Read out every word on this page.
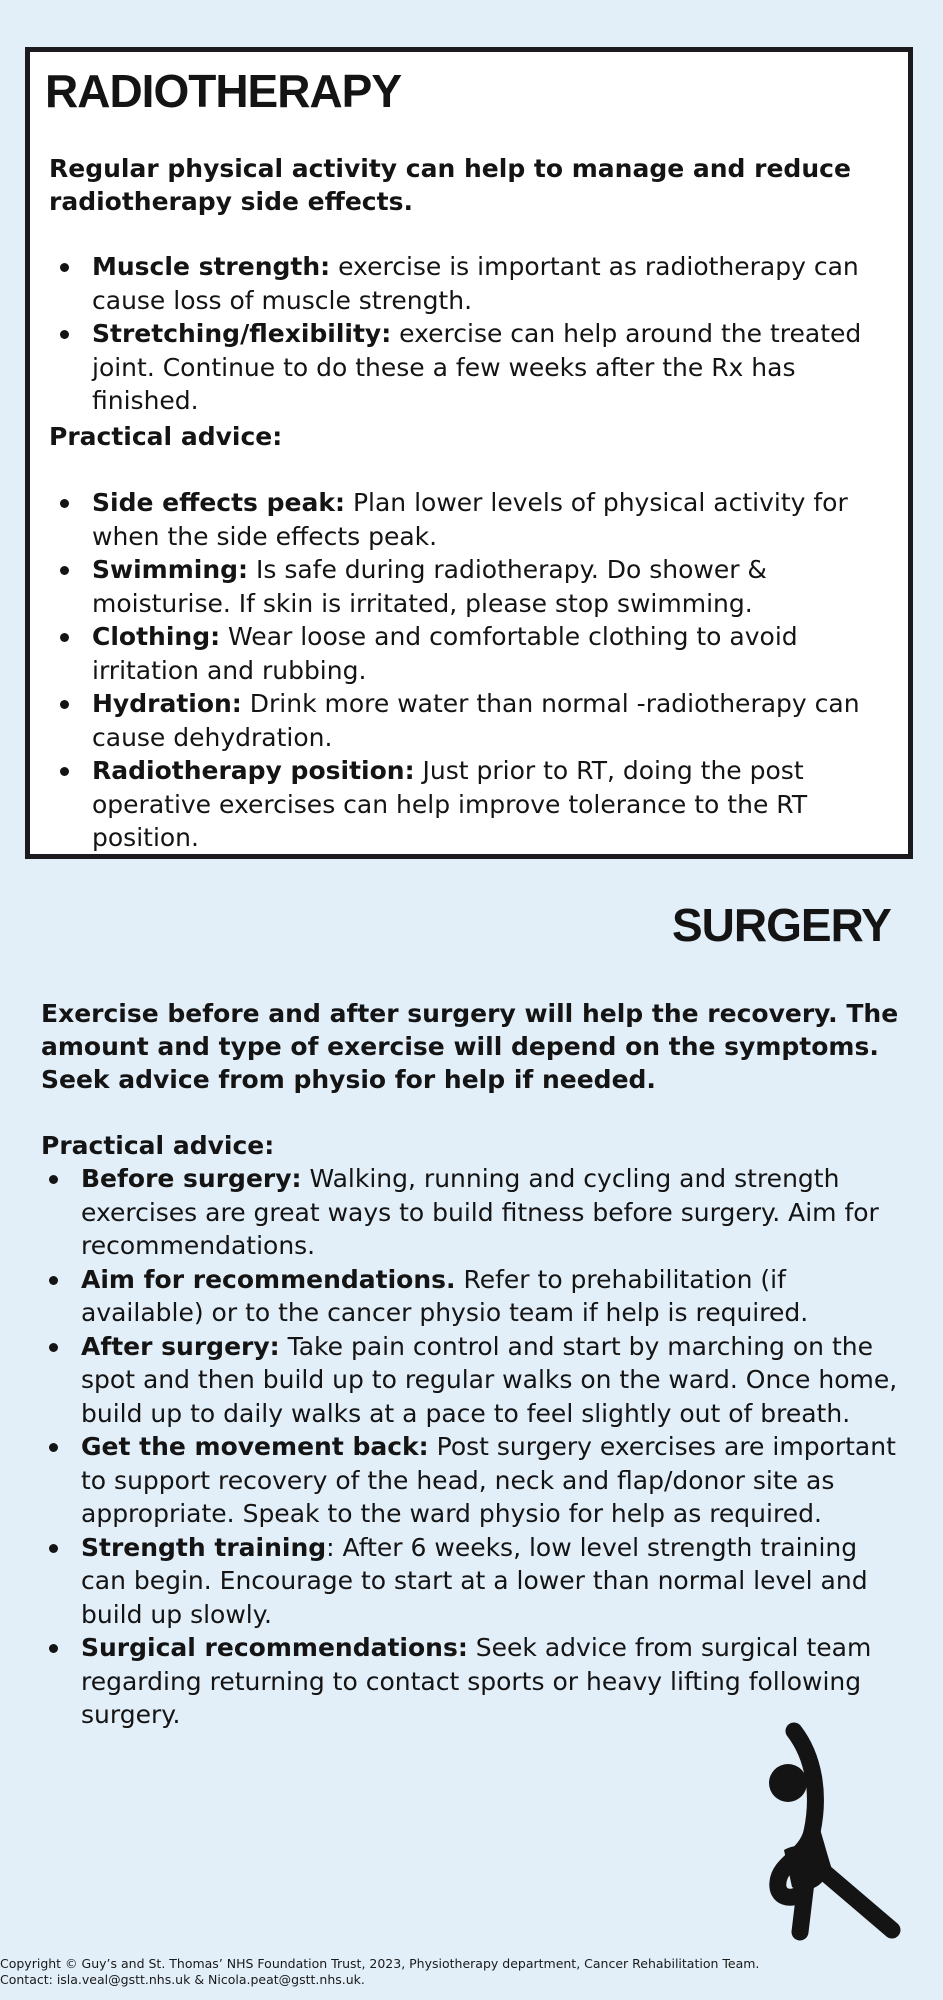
RADIOTHERAPY

Regular physical activity can help to manage and reduce radiotherapy side effects.

Muscle strength: exercise is important as radiotherapy can cause loss of muscle strength.
Stretching/flexibility: exercise can help around the treated joint. Continue to do these a few weeks after the Rx has finished.

Practical advice:

Side effects peak: Plan lower levels of physical activity for when the side effects peak.
Swimming: Is safe during radiotherapy. Do shower & moisturise. If skin is irritated, please stop swimming.
Clothing: Wear loose and comfortable clothing to avoid irritation and rubbing.
Hydration: Drink more water than normal -radiotherapy can cause dehydration.
Radiotherapy position: Just prior to RT, doing the post operative exercises can help improve tolerance to the RT position.
SURGERY

Exercise before and after surgery will help the recovery. The amount and type of exercise will depend on the symptoms. Seek advice from physio for help if needed.

Practical advice:

Before surgery: Walking, running and cycling and strength exercises are great ways to build fitness before surgery. Aim for recommendations.
Aim for recommendations. Refer to prehabilitation (if available) or to the cancer physio team if help is required.
After surgery: Take pain control and start by marching on the spot and then build up to regular walks on the ward. Once home, build up to daily walks at a pace to feel slightly out of breath.
Get the movement back: Post surgery exercises are important to support recovery of the head, neck and flap/donor site as appropriate. Speak to the ward physio for help as required.
Strength training: After 6 weeks, low level strength training can begin. Encourage to start at a lower than normal level and build up slowly.
Surgical recommendations: Seek advice from surgical team regarding returning to contact sports or heavy lifting following surgery.
Copyright © Guy’s and St. Thomas’ NHS Foundation Trust, 2023, Physiotherapy department, Cancer Rehabilitation Team.
Contact: isla.veal@gstt.nhs.uk & Nicola.peat@gstt.nhs.uk.
